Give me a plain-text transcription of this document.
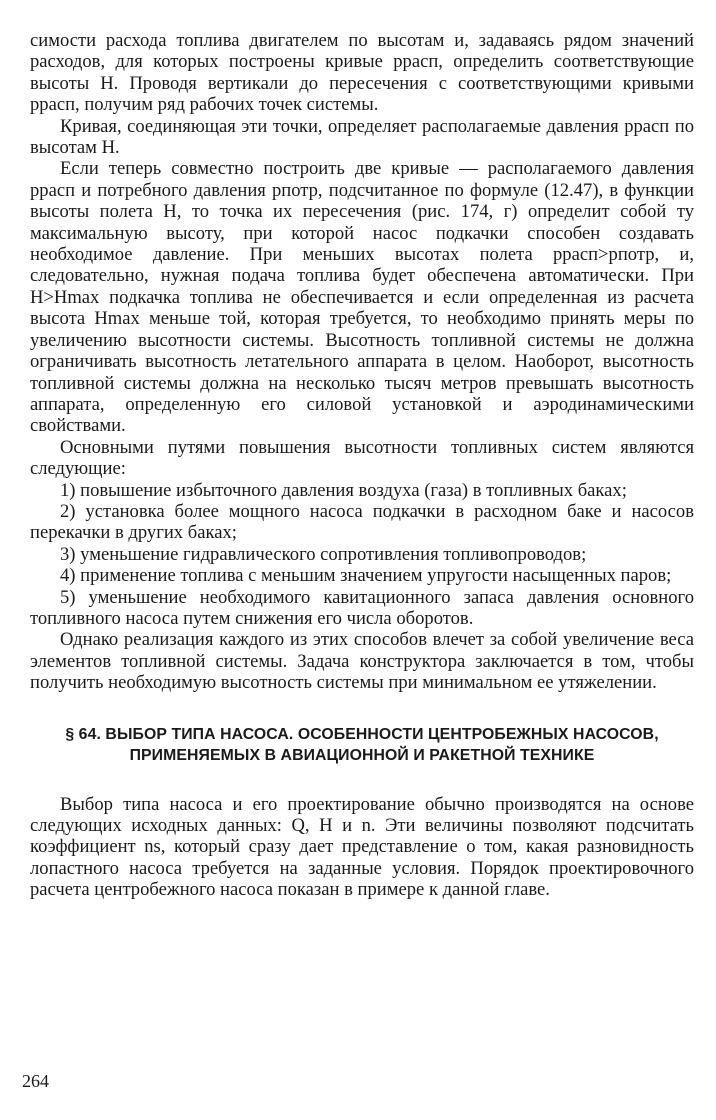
симости расхода топлива двигателем по высотам и, задаваясь рядом значений расходов, для которых построены кривые pрасп, определить соответствующие высоты H. Проводя вертикали до пересечения с соответствующими кривыми pрасп, получим ряд рабочих точек системы.

Кривая, соединяющая эти точки, определяет располагаемые давления pрасп по высотам H.

Если теперь совместно построить две кривые — располагаемого давления pрасп и потребного давления pпотр, подсчитанное по формуле (12.47), в функции высоты полета H, то точка их пересечения (рис. 174, г) определит собой ту максимальную высоту, при которой насос подкачки способен создавать необходимое давление. При меньших высотах полета pрасп>pпотр, и, следовательно, нужная подача топлива будет обеспечена автоматически. При H>Hmax подкачка топлива не обеспечивается и если определенная из расчета высота Hmax меньше той, которая требуется, то необходимо принять меры по увеличению высотности системы. Высотность топливной системы не должна ограничивать высотность летательного аппарата в целом. Наоборот, высотность топливной системы должна на несколько тысяч метров превышать высотность аппарата, определенную его силовой установкой и аэродинамическими свойствами.

Основными путями повышения высотности топливных систем являются следующие:

1) повышение избыточного давления воздуха (газа) в топливных баках;

2) установка более мощного насоса подкачки в расходном баке и насосов перекачки в других баках;

3) уменьшение гидравлического сопротивления топливопроводов;

4) применение топлива с меньшим значением упругости насыщенных паров;

5) уменьшение необходимого кавитационного запаса давления основного топливного насоса путем снижения его числа оборотов.

Однако реализация каждого из этих способов влечет за собой увеличение веса элементов топливной системы. Задача конструктора заключается в том, чтобы получить необходимую высотность системы при минимальном ее утяжелении.

§ 64. ВЫБОР ТИПА НАСОСА. ОСОБЕННОСТИ ЦЕНТРОБЕЖНЫХ НАСОСОВ,
ПРИМЕНЯЕМЫХ В АВИАЦИОННОЙ И РАКЕТНОЙ ТЕХНИКЕ

Выбор типа насоса и его проектирование обычно производятся на основе следующих исходных данных: Q, H и n. Эти величины позволяют подсчитать коэффициент ns, который сразу дает представление о том, какая разновидность лопастного насоса требуется на заданные условия. Порядок проектировочного расчета центробежного насоса показан в примере к данной главе.

264
